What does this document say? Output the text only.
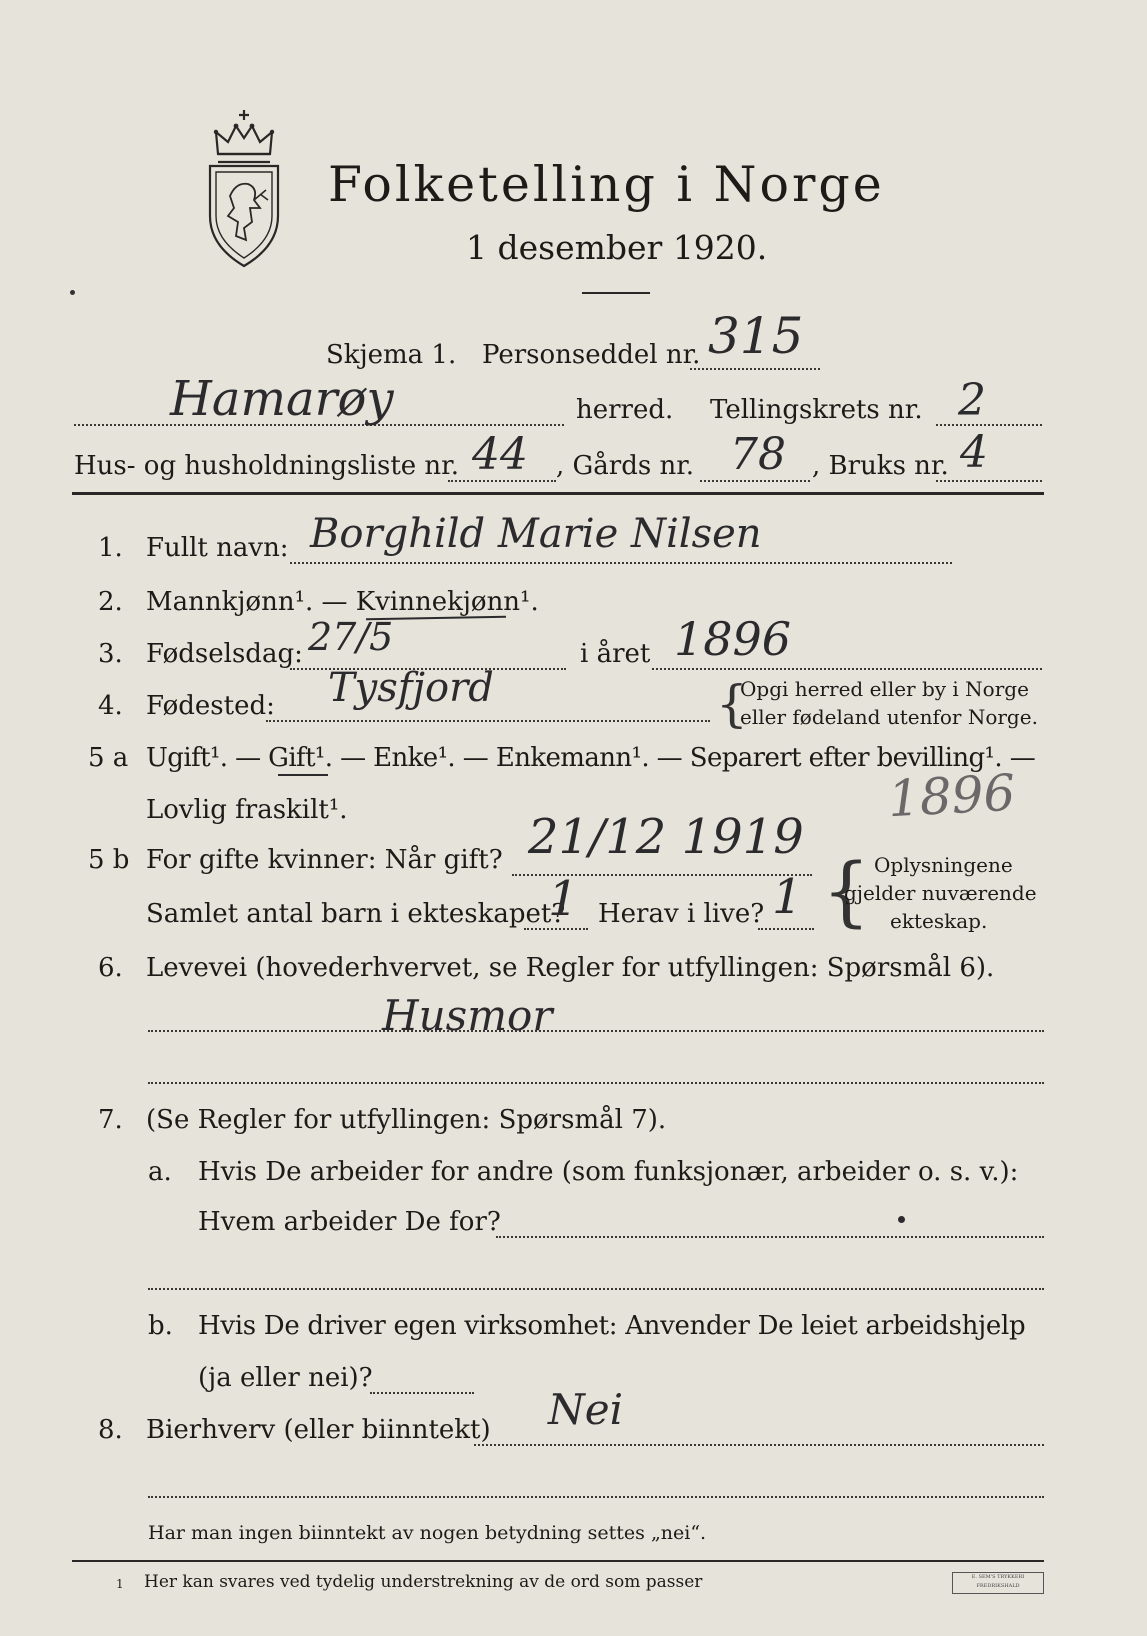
Folketelling i Norge
1 desember 1920.
Skjema 1. Personseddel nr. 315
Hamarøy	herred. Tellingskrets nr. 2
Hus- og husholdningsliste nr. 44 , Gårds nr. 78 , Bruks nr. 4
1. Fullt navn: Borghild Marie Nilsen
2. Mannkjønn¹. — Kvinnekjønn¹.
3. Fødselsdag: 27/5	i året 1896
4. Fødested: Tysfjord	{
Opgi herred eller by i Norge
eller fødeland utenfor Norge.
5 a Ugift¹. — Gift¹. — Enke¹. — Enkemann¹. — Separert efter bevilling¹. —
Lovlig fraskilt¹.	1896
5 b For gifte kvinner: Når gift? 21/12 1919
Samlet antal barn i ekteskapet?
1 Herav i live? 1 { Oplysningene
gjelder nuværende
ekteskap.
6. Levevei (hovederhvervet, se Regler for utfyllingen: Spørsmål 6).
Husmor
7. (Se Regler for utfyllingen: Spørsmål 7).
a. Hvis De arbeider for andre (som funksjonær, arbeider o. s. v.):
Hvem arbeider De for?
b. Hvis De driver egen virksomhet: Anvender De leiet arbeidshjelp
(ja eller nei)?
8. Bierhverv (eller biinntekt) Nei
Har man ingen biinntekt av nogen betydning settes „nei“.
1 Her kan svares ved tydelig understrekning av de ord som passer	E. SEM'S TRYKKERI FREDRIKSHALD
